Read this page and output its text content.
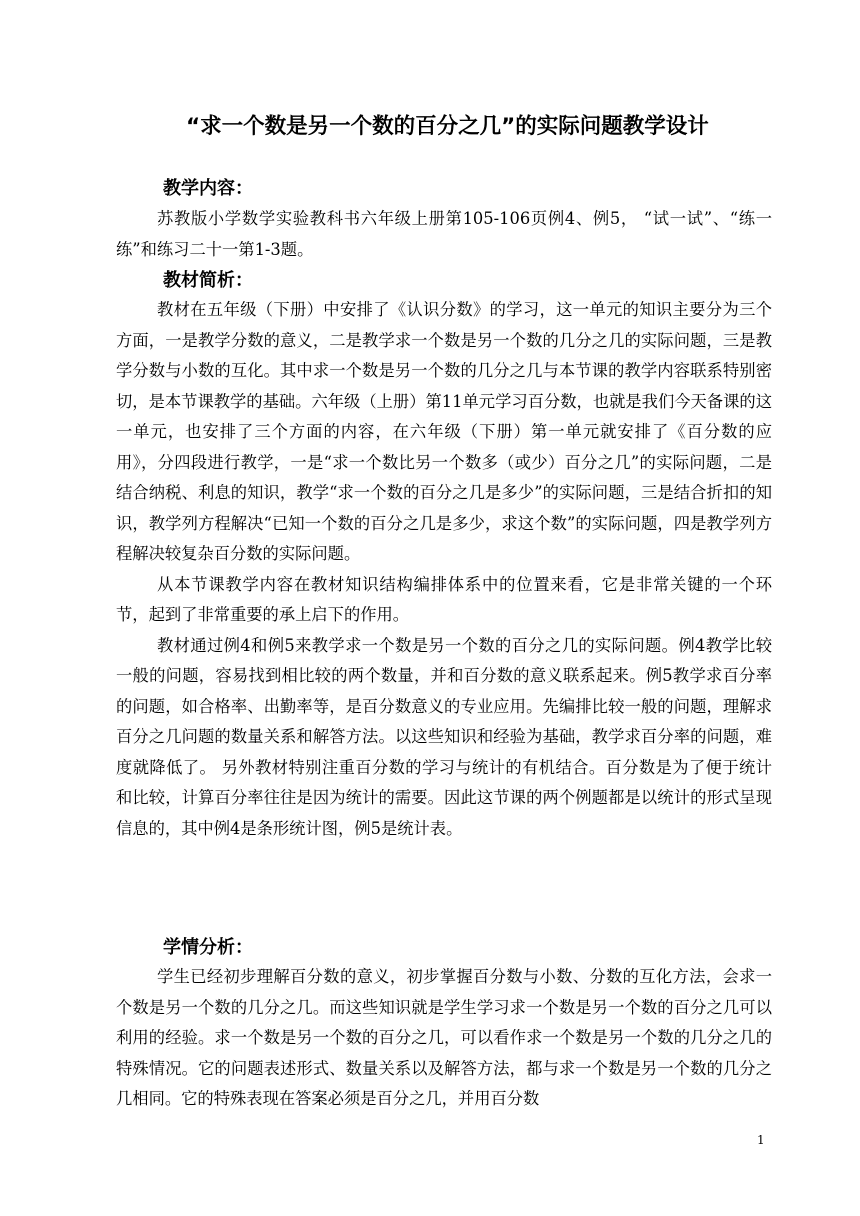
“求一个数是另一个数的百分之几”的实际问题教学设计
教学内容：

苏教版小学数学实验教科书六年级上册第105-106页例4、例5， “试一试”、“练一练”和练习二十一第1-3题。

教材简析：

教材在五年级（下册）中安排了《认识分数》的学习，这一单元的知识主要分为三个方面，一是教学分数的意义，二是教学求一个数是另一个数的几分之几的实际问题，三是教学分数与小数的互化。其中求一个数是另一个数的几分之几与本节课的教学内容联系特别密切，是本节课教学的基础。六年级（上册）第11单元学习百分数，也就是我们今天备课的这一单元，也安排了三个方面的内容，在六年级（下册）第一单元就安排了《百分数的应用》，分四段进行教学，一是“求一个数比另一个数多（或少）百分之几”的实际问题，二是结合纳税、利息的知识，教学“求一个数的百分之几是多少”的实际问题，三是结合折扣的知识，教学列方程解决“已知一个数的百分之几是多少，求这个数”的实际问题，四是教学列方程解决较复杂百分数的实际问题。

从本节课教学内容在教材知识结构编排体系中的位置来看，它是非常关键的一个环节，起到了非常重要的承上启下的作用。

教材通过例4和例5来教学求一个数是另一个数的百分之几的实际问题。例4教学比较一般的问题，容易找到相比较的两个数量，并和百分数的意义联系起来。例5教学求百分率的问题，如合格率、出勤率等，是百分数意义的专业应用。先编排比较一般的问题，理解求百分之几问题的数量关系和解答方法。以这些知识和经验为基础，教学求百分率的问题，难度就降低了。 另外教材特别注重百分数的学习与统计的有机结合。百分数是为了便于统计和比较，计算百分率往往是因为统计的需要。因此这节课的两个例题都是以统计的形式呈现信息的，其中例4是条形统计图，例5是统计表。

学情分析：

学生已经初步理解百分数的意义，初步掌握百分数与小数、分数的互化方法，会求一个数是另一个数的几分之几。而这些知识就是学生学习求一个数是另一个数的百分之几可以利用的经验。求一个数是另一个数的百分之几，可以看作求一个数是另一个数的几分之几的特殊情况。它的问题表述形式、数量关系以及解答方法，都与求一个数是另一个数的几分之几相同。它的特殊表现在答案必须是百分之几，并用百分数

1
